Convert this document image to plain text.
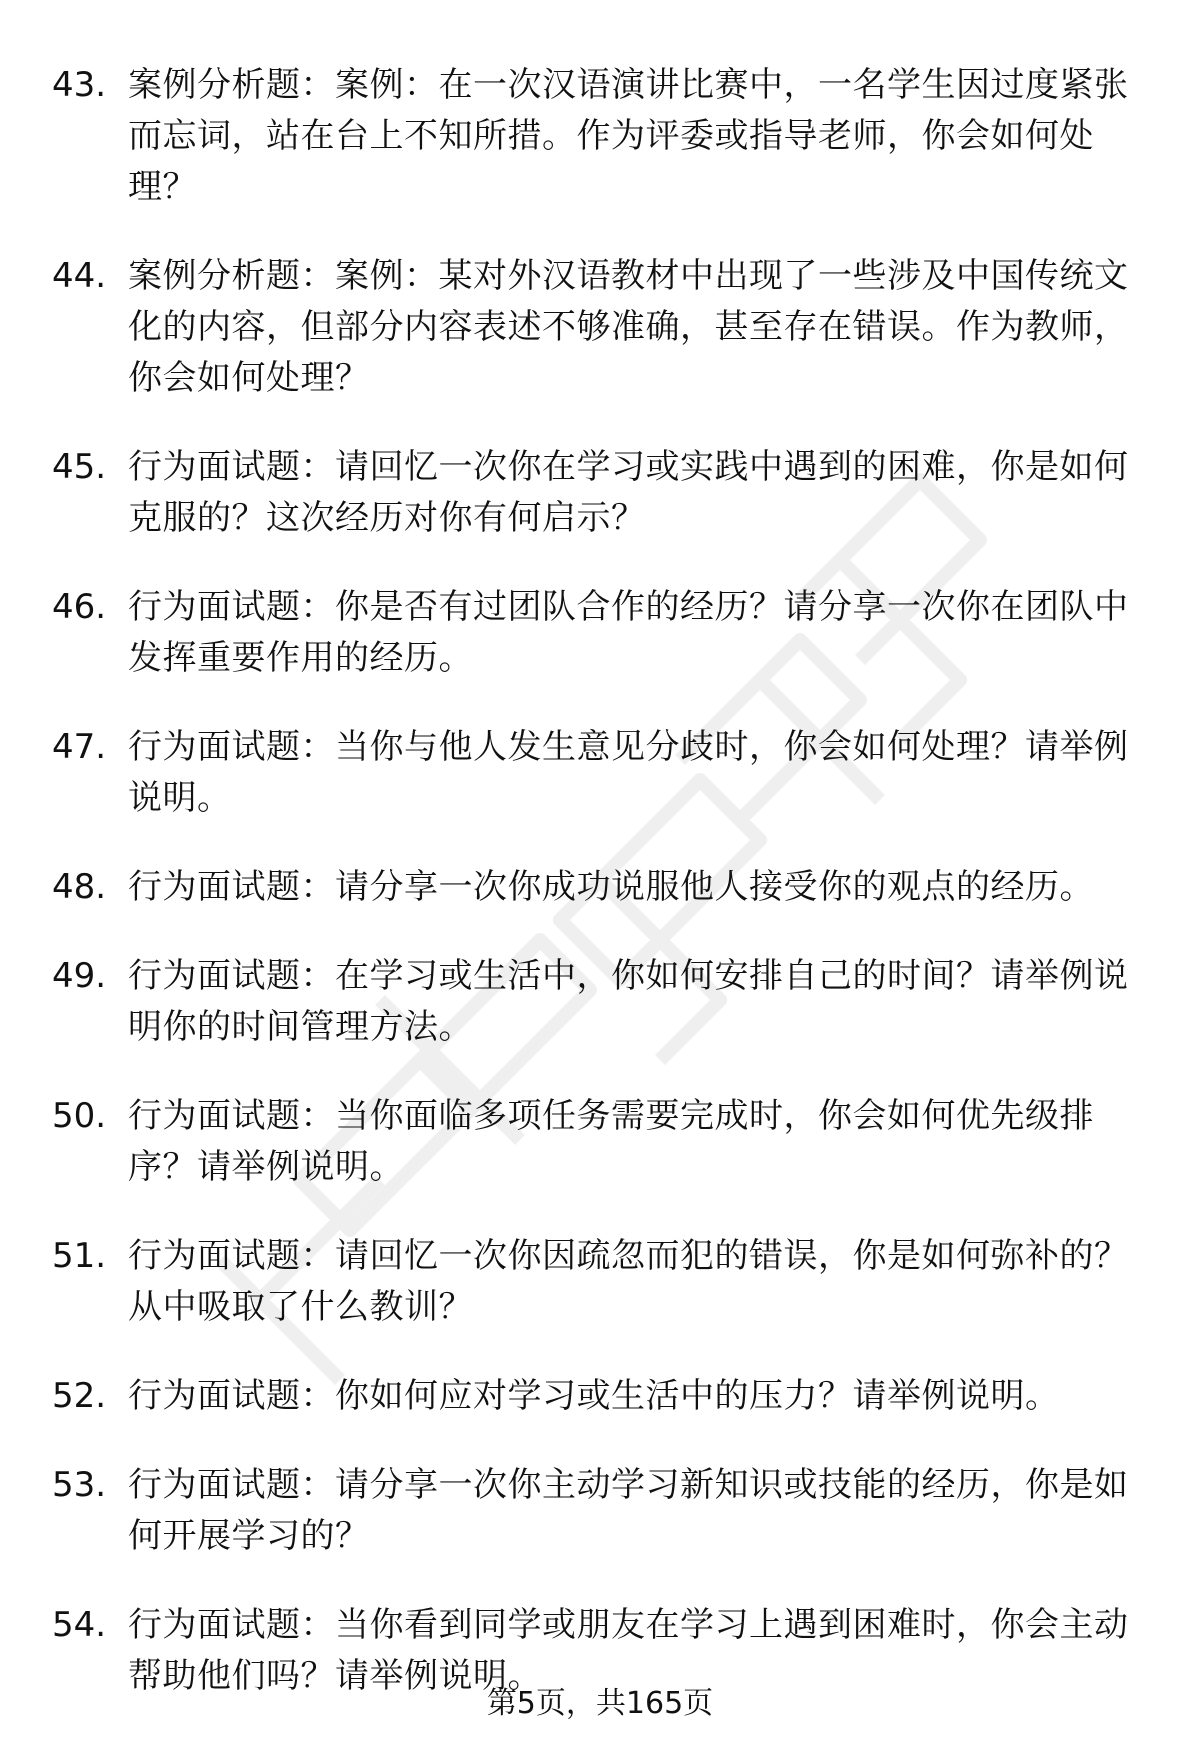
43. 案例分析题：案例：在一次汉语演讲比赛中，一名学生因过度紧张而忘词，站在台上不知所措。作为评委或指导老师，你会如何处理？
44. 案例分析题：案例：某对外汉语教材中出现了一些涉及中国传统文化的内容，但部分内容表述不够准确，甚至存在错误。作为教师，你会如何处理？
45. 行为面试题：请回忆一次你在学习或实践中遇到的困难，你是如何克服的？这次经历对你有何启示？
46. 行为面试题：你是否有过团队合作的经历？请分享一次你在团队中发挥重要作用的经历。
47. 行为面试题：当你与他人发生意见分歧时，你会如何处理？请举例说明。
48. 行为面试题：请分享一次你成功说服他人接受你的观点的经历。
49. 行为面试题：在学习或生活中，你如何安排自己的时间？请举例说明你的时间管理方法。
50. 行为面试题：当你面临多项任务需要完成时，你会如何优先级排序？请举例说明。
51. 行为面试题：请回忆一次你因疏忽而犯的错误，你是如何弥补的？从中吸取了什么教训？
52. 行为面试题：你如何应对学习或生活中的压力？请举例说明。
53. 行为面试题：请分享一次你主动学习新知识或技能的经历，你是如何开展学习的？
54. 行为面试题：当你看到同学或朋友在学习上遇到困难时，你会主动帮助他们吗？请举例说明。
第5页，共165页
